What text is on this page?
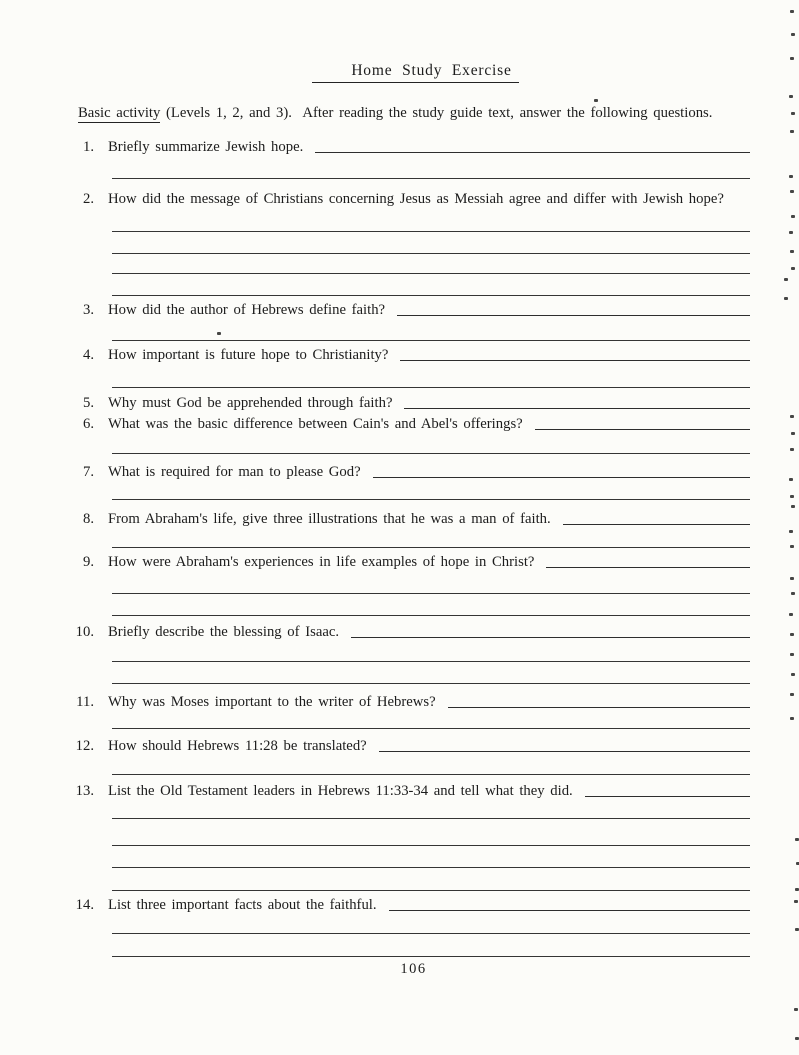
Home Study Exercise
Basic activity (Levels 1, 2, and 3).  After reading the study guide text, answer the following questions.
106
1. Briefly summarize Jewish hope.
2. How did the message of Christians concerning Jesus as Messiah agree and differ with Jewish hope?
3. How did the author of Hebrews define faith?
4. How important is future hope to Christianity?
5. Why must God be apprehended through faith?
6. What was the basic difference between Cain's and Abel's offerings?
7. What is required for man to please God?
8. From Abraham's life, give three illustrations that he was a man of faith.
9. How were Abraham's experiences in life examples of hope in Christ?
10. Briefly describe the blessing of Isaac.
11. Why was Moses important to the writer of Hebrews?
12. How should Hebrews 11:28 be translated?
13. List the Old Testament leaders in Hebrews 11:33-34 and tell what they did.
14. List three important facts about the faithful.
